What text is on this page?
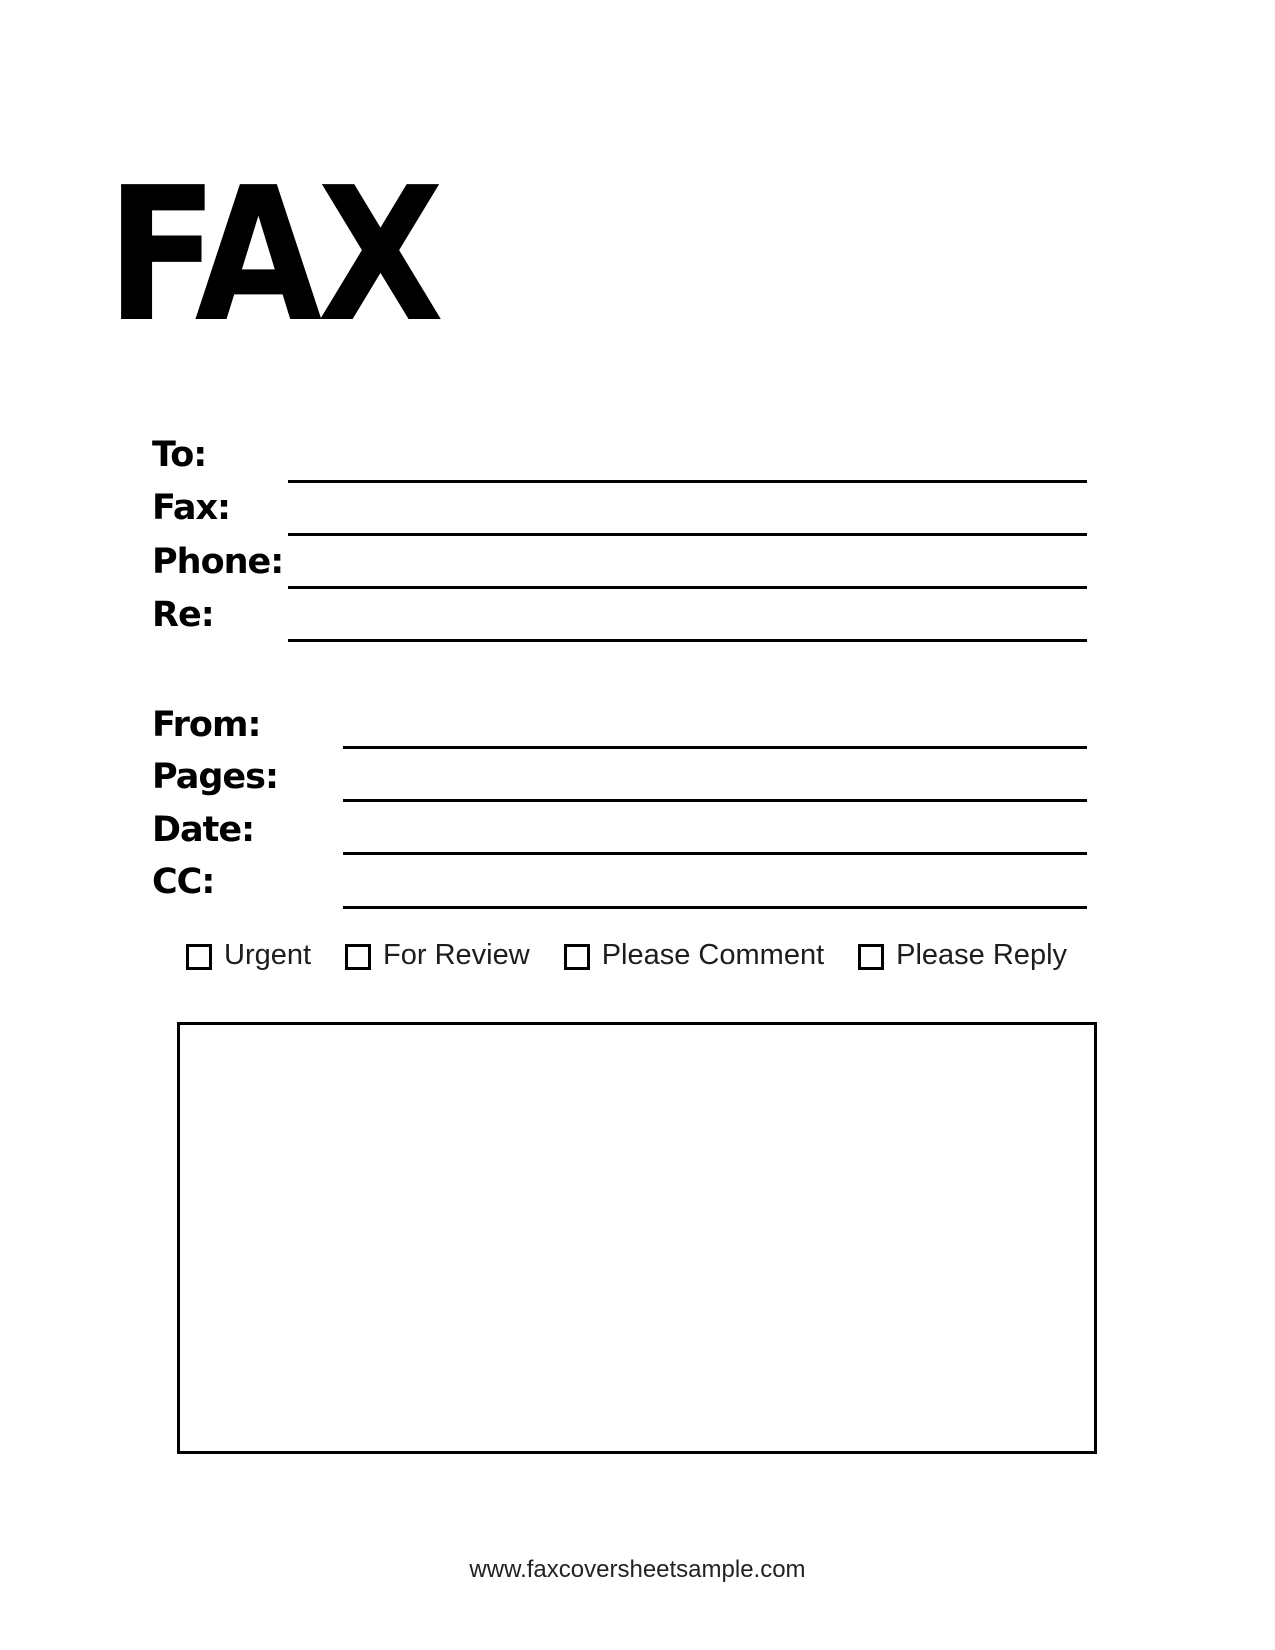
FAX
To:
Fax:
Phone:
Re:
From:
Pages:
Date:
CC:
Urgent For Review Please Comment Please Reply
www.faxcoversheetsample.com
